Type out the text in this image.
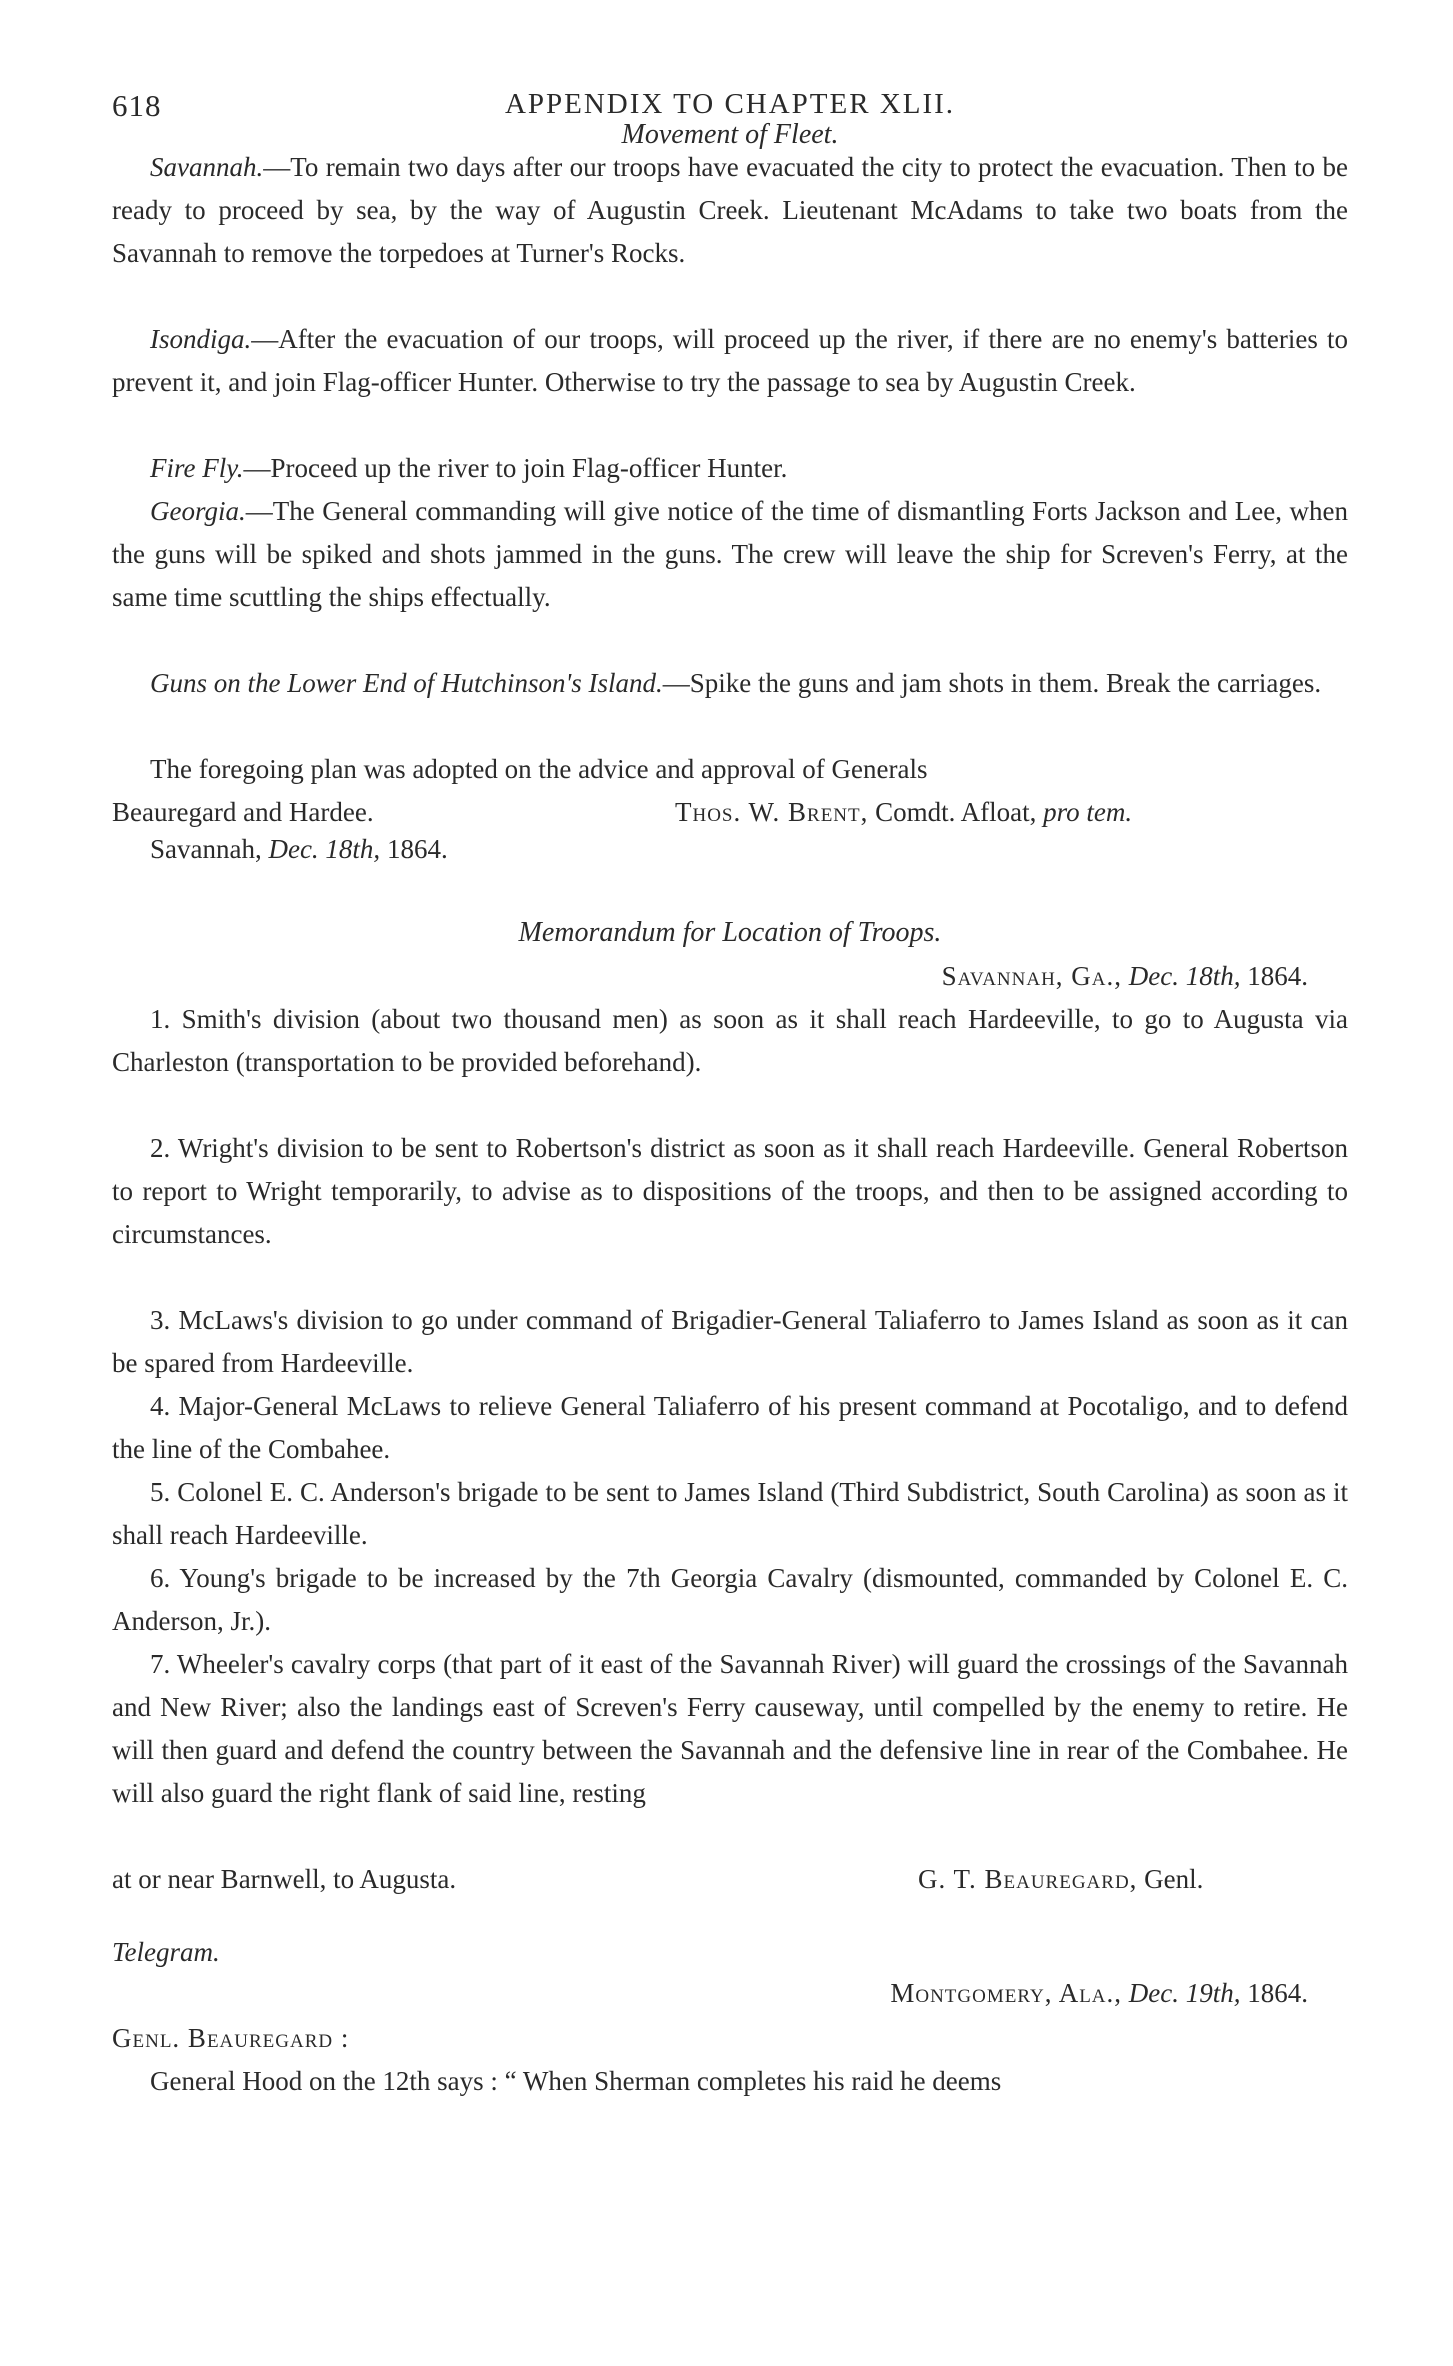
618	APPENDIX TO CHAPTER XLII.
Movement of Fleet.
Savannah.—To remain two days after our troops have evacuated the city to protect the evacuation. Then to be ready to proceed by sea, by the way of Augustin Creek. Lieutenant McAdams to take two boats from the Savannah to remove the torpedoes at Turner's Rocks.
Isondiga.—After the evacuation of our troops, will proceed up the river, if there are no enemy's batteries to prevent it, and join Flag-officer Hunter. Otherwise to try the passage to sea by Augustin Creek.
Fire Fly.—Proceed up the river to join Flag-officer Hunter.
Georgia.—The General commanding will give notice of the time of dismantling Forts Jackson and Lee, when the guns will be spiked and shots jammed in the guns. The crew will leave the ship for Screven's Ferry, at the same time scuttling the ships effectually.
Guns on the Lower End of Hutchinson's Island.—Spike the guns and jam shots in them. Break the carriages.
The foregoing plan was adopted on the advice and approval of Generals
Beauregard and Hardee.	Thos. W. Brent, Comdt. Afloat, pro tem.
Savannah, Dec. 18th, 1864.
Memorandum for Location of Troops.
Savannah, Ga., Dec. 18th, 1864.
1. Smith's division (about two thousand men) as soon as it shall reach Hardeeville, to go to Augusta via Charleston (transportation to be provided beforehand).
2. Wright's division to be sent to Robertson's district as soon as it shall reach Hardeeville. General Robertson to report to Wright temporarily, to advise as to dispositions of the troops, and then to be assigned according to circumstances.
3. McLaws's division to go under command of Brigadier-General Taliaferro to James Island as soon as it can be spared from Hardeeville.
4. Major-General McLaws to relieve General Taliaferro of his present command at Pocotaligo, and to defend the line of the Combahee.
5. Colonel E. C. Anderson's brigade to be sent to James Island (Third Subdistrict, South Carolina) as soon as it shall reach Hardeeville.
6. Young's brigade to be increased by the 7th Georgia Cavalry (dismounted, commanded by Colonel E. C. Anderson, Jr.).
7. Wheeler's cavalry corps (that part of it east of the Savannah River) will guard the crossings of the Savannah and New River; also the landings east of Screven's Ferry causeway, until compelled by the enemy to retire. He will then guard and defend the country between the Savannah and the defensive line in rear of the Combahee. He will also guard the right flank of said line, resting
at or near Barnwell, to Augusta.	G. T. Beauregard, Genl.
Telegram.
Montgomery, Ala., Dec. 19th, 1864.
Genl. Beauregard :
General Hood on the 12th says : “ When Sherman completes his raid he deems
